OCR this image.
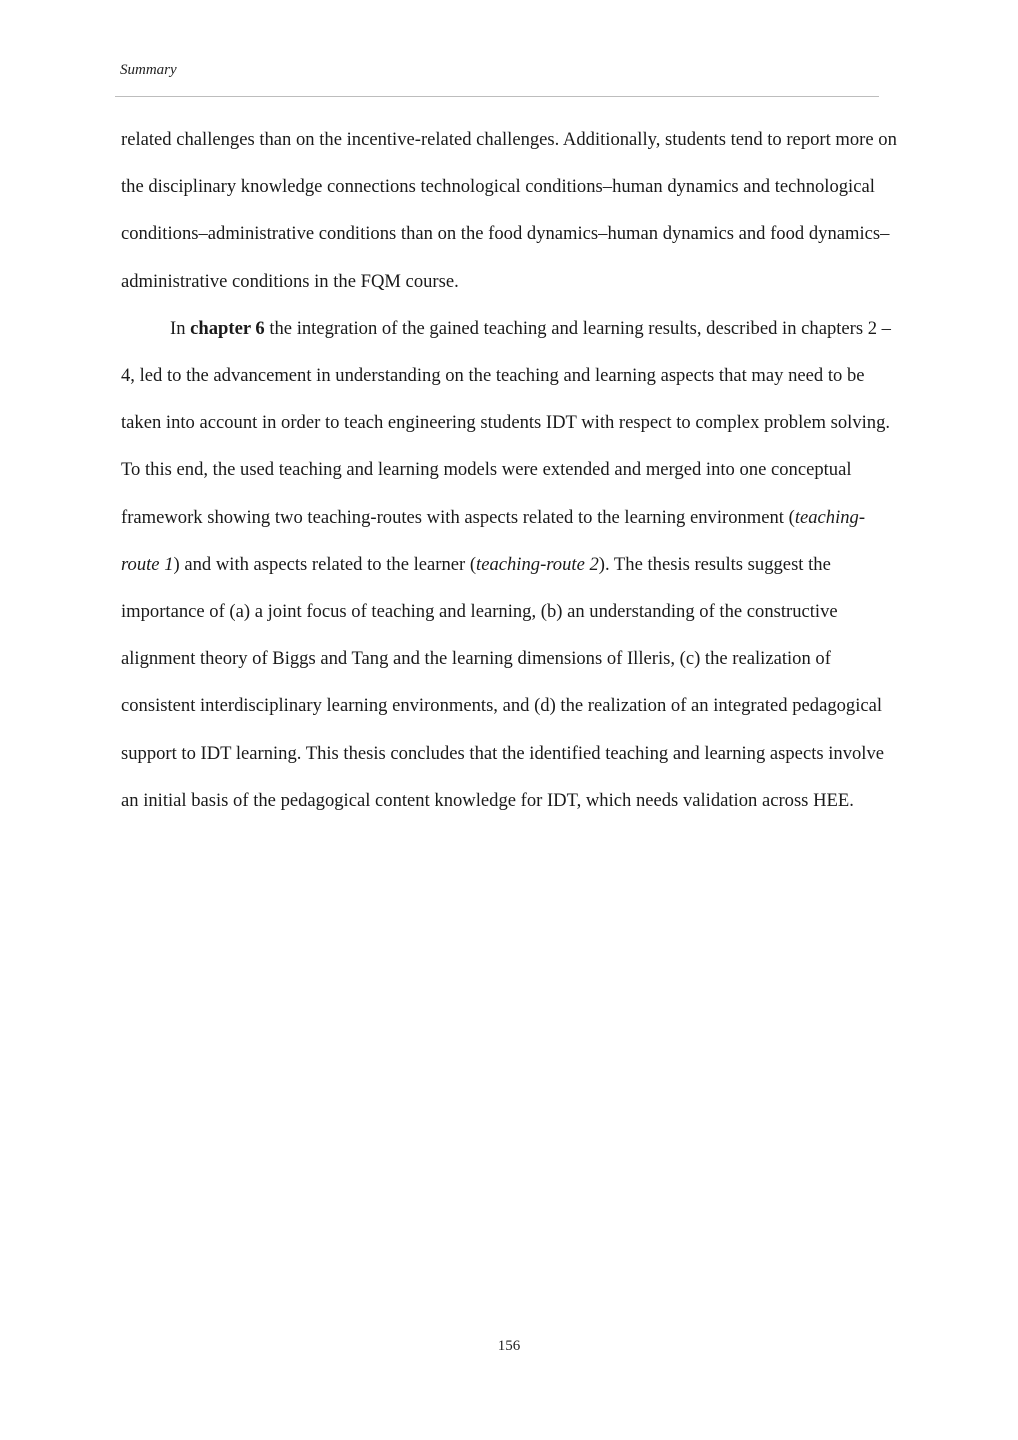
Summary

related challenges than on the incentive-related challenges. Additionally, students tend to report more on the disciplinary knowledge connections technological conditions–human dynamics and technological conditions–administrative conditions than on the food dynamics–human dynamics and food dynamics–administrative conditions in the FQM course.

In chapter 6 the integration of the gained teaching and learning results, described in chapters 2 – 4, led to the advancement in understanding on the teaching and learning aspects that may need to be taken into account in order to teach engineering students IDT with respect to complex problem solving. To this end, the used teaching and learning models were extended and merged into one conceptual framework showing two teaching-routes with aspects related to the learning environment (teaching-route 1) and with aspects related to the learner (teaching-route 2). The thesis results suggest the importance of (a) a joint focus of teaching and learning, (b) an understanding of the constructive alignment theory of Biggs and Tang and the learning dimensions of Illeris, (c) the realization of consistent interdisciplinary learning environments, and (d) the realization of an integrated pedagogical support to IDT learning. This thesis concludes that the identified teaching and learning aspects involve an initial basis of the pedagogical content knowledge for IDT, which needs validation across HEE.

156
